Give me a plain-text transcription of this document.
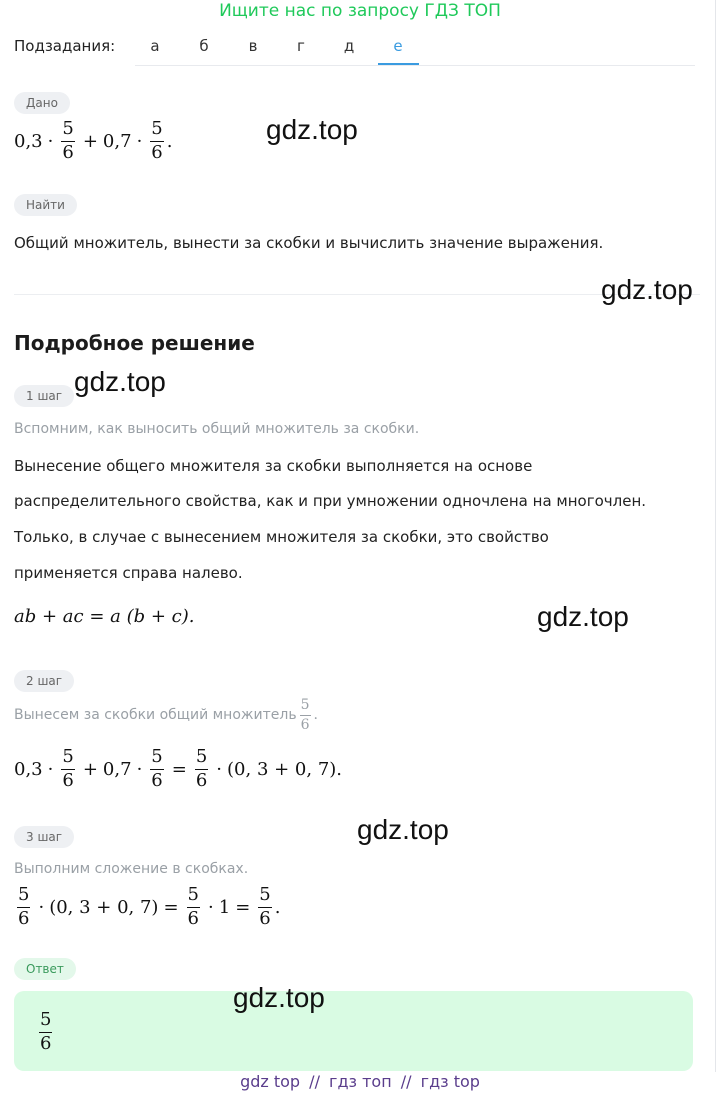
Ищите нас по запросу ГДЗ ТОП
Подзадания:	а	б	в	г	д	е
Дано
$0,3 \cdot \frac{5}{6} + 0,7 \cdot \frac{5}{6}$ .
Найти
Общий множитель, вынести за скобки и вычислить значение выражения.
Подробное решение
1 шаг
Вспомним, как выносить общий множитель за скобки.
Вынесение общего множителя за скобки выполняется на основе
распределительного свойства, как и при умножении одночлена на многочлен.
Только, в случае с вынесением множителя за скобки, это свойство
применяется справа налево.
ab + ac = a (b + c).
2 шаг
Вынесем за скобки общий множитель $\frac{5}{6}$ .
$0,3 \cdot \frac{5}{6} + 0,7 \cdot \frac{5}{6} = \frac{5}{6} \cdot (0$, 3 + 0, 7).
3 шаг
Выполним сложение в скобках.
$\frac{5}{6} \cdot (0$, 3 + 0, $7) = \frac{5}{6} \cdot 1 = \frac{5}{6}$ .
Ответ
$\frac{5}{6}$
gdz.top
gdz.top
gdz.top
gdz.top
gdz.top
gdz.top
gdz top // гдз топ // гдз top
